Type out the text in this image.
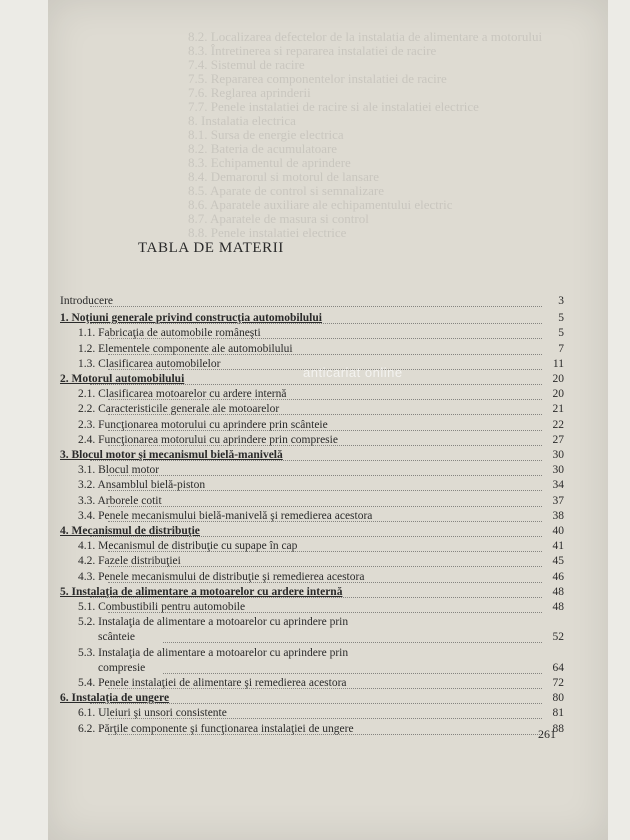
8.2. Localizarea defectelor de la instalatia de alimentare a motorului
8.3. Întretinerea si repararea instalatiei de racire
7.4. Sistemul de racire
7.5. Repararea componentelor instalatiei de racire
7.6. Reglarea aprinderii
7.7. Penele instalatiei de racire si ale instalatiei electrice
8. Instalatia electrica
8.1. Sursa de energie electrica
8.2. Bateria de acumulatoare
8.3. Echipamentul de aprindere
8.4. Demarorul si motorul de lansare
8.5. Aparate de control si semnalizare
8.6. Aparatele auxiliare ale echipamentului electric
8.7. Aparatele de masura si control
8.8. Penele instalatiei electrice
TABLA DE MATERII
Introducere	3
1. Noţiuni generale privind construcţia automobilului	5
1.1. Fabricaţia de automobile româneşti	5
1.2. Elementele componente ale automobilului	7
1.3. Clasificarea automobilelor	11
2. Motorul automobilului	20
2.1. Clasificarea motoarelor cu ardere internă	20
2.2. Caracteristicile generale ale motoarelor	21
2.3. Funcţionarea motorului cu aprindere prin scânteie	22
2.4. Funcţionarea motorului cu aprindere prin compresie	27
3. Blocul motor şi mecanismul bielă-manivelă	30
3.1. Blocul motor	30
3.2. Ansamblul bielă-piston	34
3.3. Arborele cotit	37
3.4. Penele mecanismului bielă-manivelă şi remedierea acestora	38
4. Mecanismul de distribuţie	40
4.1. Mecanismul de distribuţie cu supape în cap	41
4.2. Fazele distribuţiei	45
4.3. Penele mecanismului de distribuţie şi remedierea acestora	46
5. Instalaţia de alimentare a motoarelor cu ardere internă	48
5.1. Combustibili pentru automobile	48
5.2. Instalaţia de alimentare a motoarelor cu aprindere prin
scânteie	52
5.3. Instalaţia de alimentare a motoarelor cu aprindere prin
compresie	64
5.4. Penele instalaţiei de alimentare şi remedierea acestora	72
6. Instalaţia de ungere	80
6.1. Uleiuri şi unsori consistente	81
6.2. Părţile componente şi funcţionarea instalaţiei de ungere	88
anticariat online
261
